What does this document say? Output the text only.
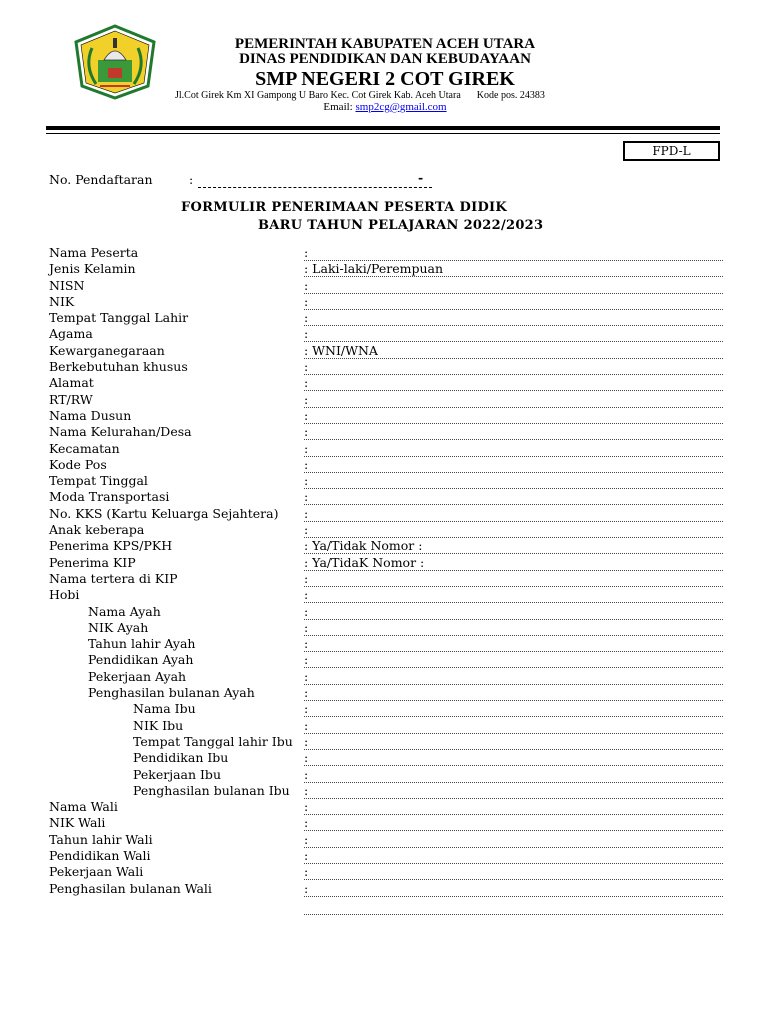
PEMERINTAH KABUPATEN ACEH UTARA
DINAS PENDIDIKAN DAN KEBUDAYAAN
SMP NEGERI 2 COT GIREK
Jl.Cot Girek Km XI Gampong U Baro Kec. Cot Girek Kab. Aceh Utara Kode pos. 24383
Email: smp2cg@gmail.com
FPD-L
No. Pendaftaran	:	-
FORMULIR PENERIMAAN PESERTA DIDIK
BARU TAHUN PELAJARAN 2022/2023
Nama Peserta	:
Jenis Kelamin	: Laki-laki/Perempuan
NISN	:
NIK	:
Tempat Tanggal Lahir	:
Agama	:
Kewarganegaraan	: WNI/WNA
Berkebutuhan khusus	:
Alamat	:
RT/RW	:
Nama Dusun	:
Nama Kelurahan/Desa	:
Kecamatan	:
Kode Pos	:
Tempat Tinggal	:
Moda Transportasi	:
No. KKS (Kartu Keluarga Sejahtera) :
Anak keberapa	:
Penerima KPS/PKH	: Ya/Tidak Nomor :
Penerima KIP	: Ya/TidaK Nomor :
Nama tertera di KIP	:
Hobi	:
Nama Ayah	:
NIK Ayah	:
Tahun lahir Ayah	:
Pendidikan Ayah	:
Pekerjaan Ayah	:
Penghasilan bulanan Ayah	:
Nama Ibu	:
NIK Ibu	:
Tempat Tanggal lahir Ibu :
Pendidikan Ibu	:
Pekerjaan Ibu	:
Penghasilan bulanan Ibu :
Nama Wali	:
NIK Wali	:
Tahun lahir Wali	:
Pendidikan Wali	:
Pekerjaan Wali	:
Penghasilan bulanan Wali	:
